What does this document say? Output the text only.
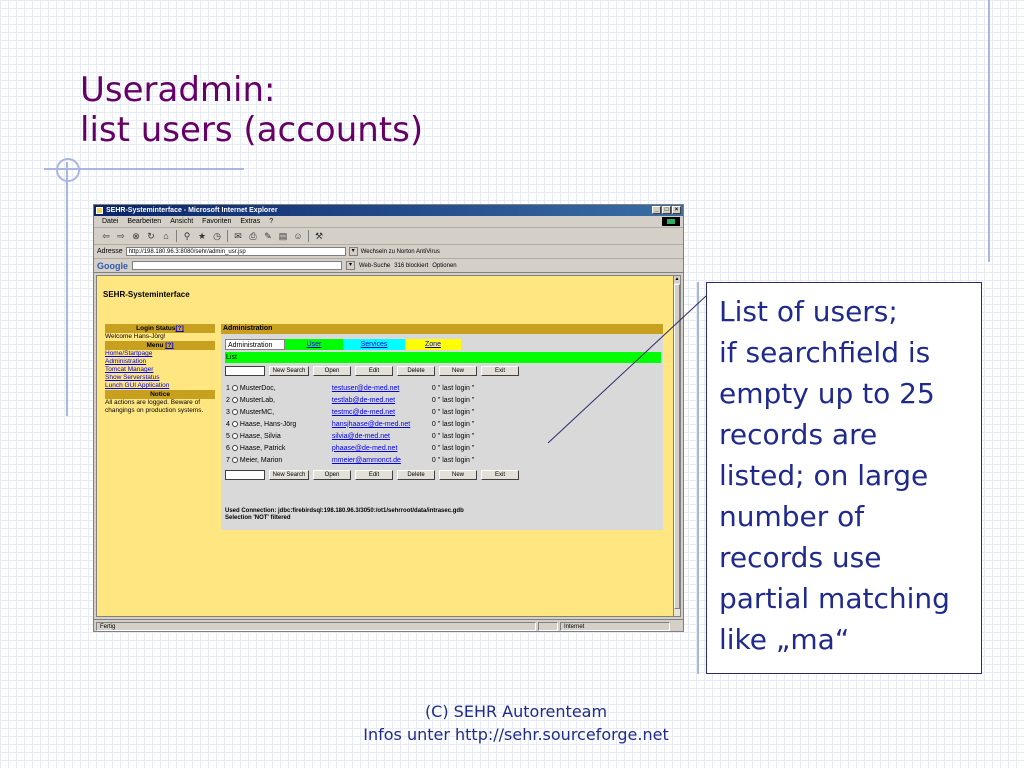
Useradmin:
list users (accounts)
SEHR-Systeminterface - Microsoft Internet Explorer	_	□	×
Datei Bearbeiten Ansicht Favoriten Extras ?
⇦ ⇨ ⊗ ↻ ⌂ ⚲ ★ ◷ ✉ ⎙ ✎ ▤ ☺ ⚒
Adresse	http://198.180.96.3:8080/sehr/admin_usr.jsp	▾	Wechseln zu Norton AntiVirus
Google	▾	Web-Suche 316 blockiert Optionen
SEHR-Systeminterface
Login Status[?]
Welcome Hans-Jörg!
Menu [?]
Home/Startpage
Administration
Tomcat Manager
Show Serverstatus
Lunch GUI Application
Notice
All actions are logged. Beware of changings on production systems.
Administration
Administration	User	Services	Zone
List
New Search	Open	Edit	Delete	New	Exit
1		MusterDoc,	testuser@de-med.net	0	" last login "
2		MusterLab,	testlab@de-med.net	0	" last login "
3		MusterMC,	testmc@de-med.net	0	" last login "
4		Haase, Hans-Jörg	hansjhaase@de-med.net	0	" last login "
5		Haase, Silvia	silvia@de-med.net	0	" last login "
6		Haase, Patrick	phaase@de-med.net	0	" last login "
7		Meier, Marion	mmeier@ammonct.de	0	" last login "
New Search	Open	Edit	Delete	New	Exit
Used Connection: jdbc:firebirdsql:198.180.96.3/3050:/ot1/sehrroot/data/intrasec.gdb
Selection 'NOT' filtered
▲
Fertig	Internet
List of users;
if searchfield is
empty up to 25
records are
listed; on large
number of
records use
partial matching
like „ma“
(C) SEHR Autorenteam
Infos unter http://sehr.sourceforge.net
